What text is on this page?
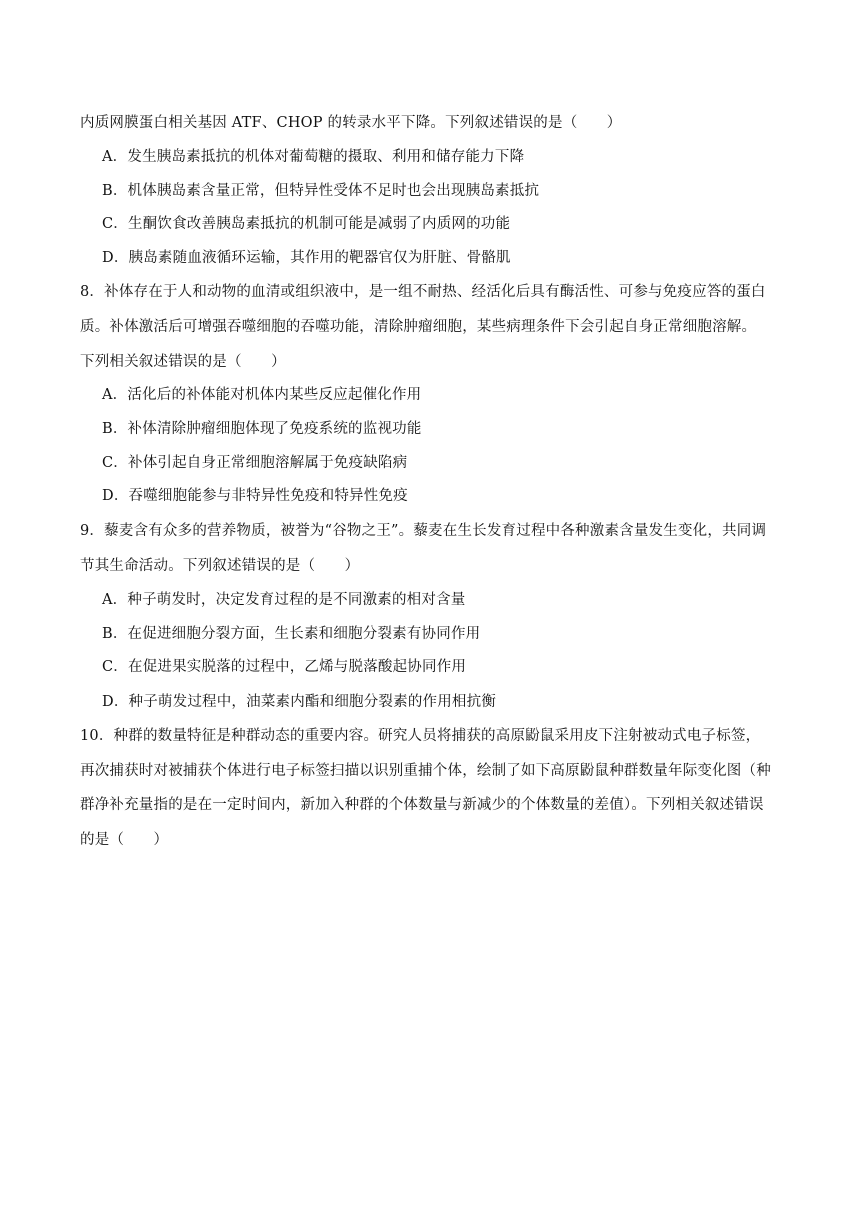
内质网膜蛋白相关基因 ATF、CHOP 的转录水平下降。下列叙述错误的是（　　）
A．发生胰岛素抵抗的机体对葡萄糖的摄取、利用和储存能力下降
B．机体胰岛素含量正常，但特异性受体不足时也会出现胰岛素抵抗
C．生酮饮食改善胰岛素抵抗的机制可能是减弱了内质网的功能
D．胰岛素随血液循环运输，其作用的靶器官仅为肝脏、骨骼肌
8．补体存在于人和动物的血清或组织液中，是一组不耐热、经活化后具有酶活性、可参与免疫应答的蛋白
质。补体激活后可增强吞噬细胞的吞噬功能，清除肿瘤细胞，某些病理条件下会引起自身正常细胞溶解。
下列相关叙述错误的是（　　）
A．活化后的补体能对机体内某些反应起催化作用
B．补体清除肿瘤细胞体现了免疫系统的监视功能
C．补体引起自身正常细胞溶解属于免疫缺陷病
D．吞噬细胞能参与非特异性免疫和特异性免疫
9．藜麦含有众多的营养物质，被誉为“谷物之王”。藜麦在生长发育过程中各种激素含量发生变化，共同调
节其生命活动。下列叙述错误的是（　　）
A．种子萌发时，决定发育过程的是不同激素的相对含量
B．在促进细胞分裂方面，生长素和细胞分裂素有协同作用
C．在促进果实脱落的过程中，乙烯与脱落酸起协同作用
D．种子萌发过程中，油菜素内酯和细胞分裂素的作用相抗衡
10．种群的数量特征是种群动态的重要内容。研究人员将捕获的高原鼢鼠采用皮下注射被动式电子标签，
再次捕获时对被捕获个体进行电子标签扫描以识别重捕个体，绘制了如下高原鼢鼠种群数量年际变化图（种
群净补充量指的是在一定时间内，新加入种群的个体数量与新减少的个体数量的差值）。下列相关叙述错误
的是（　　）
